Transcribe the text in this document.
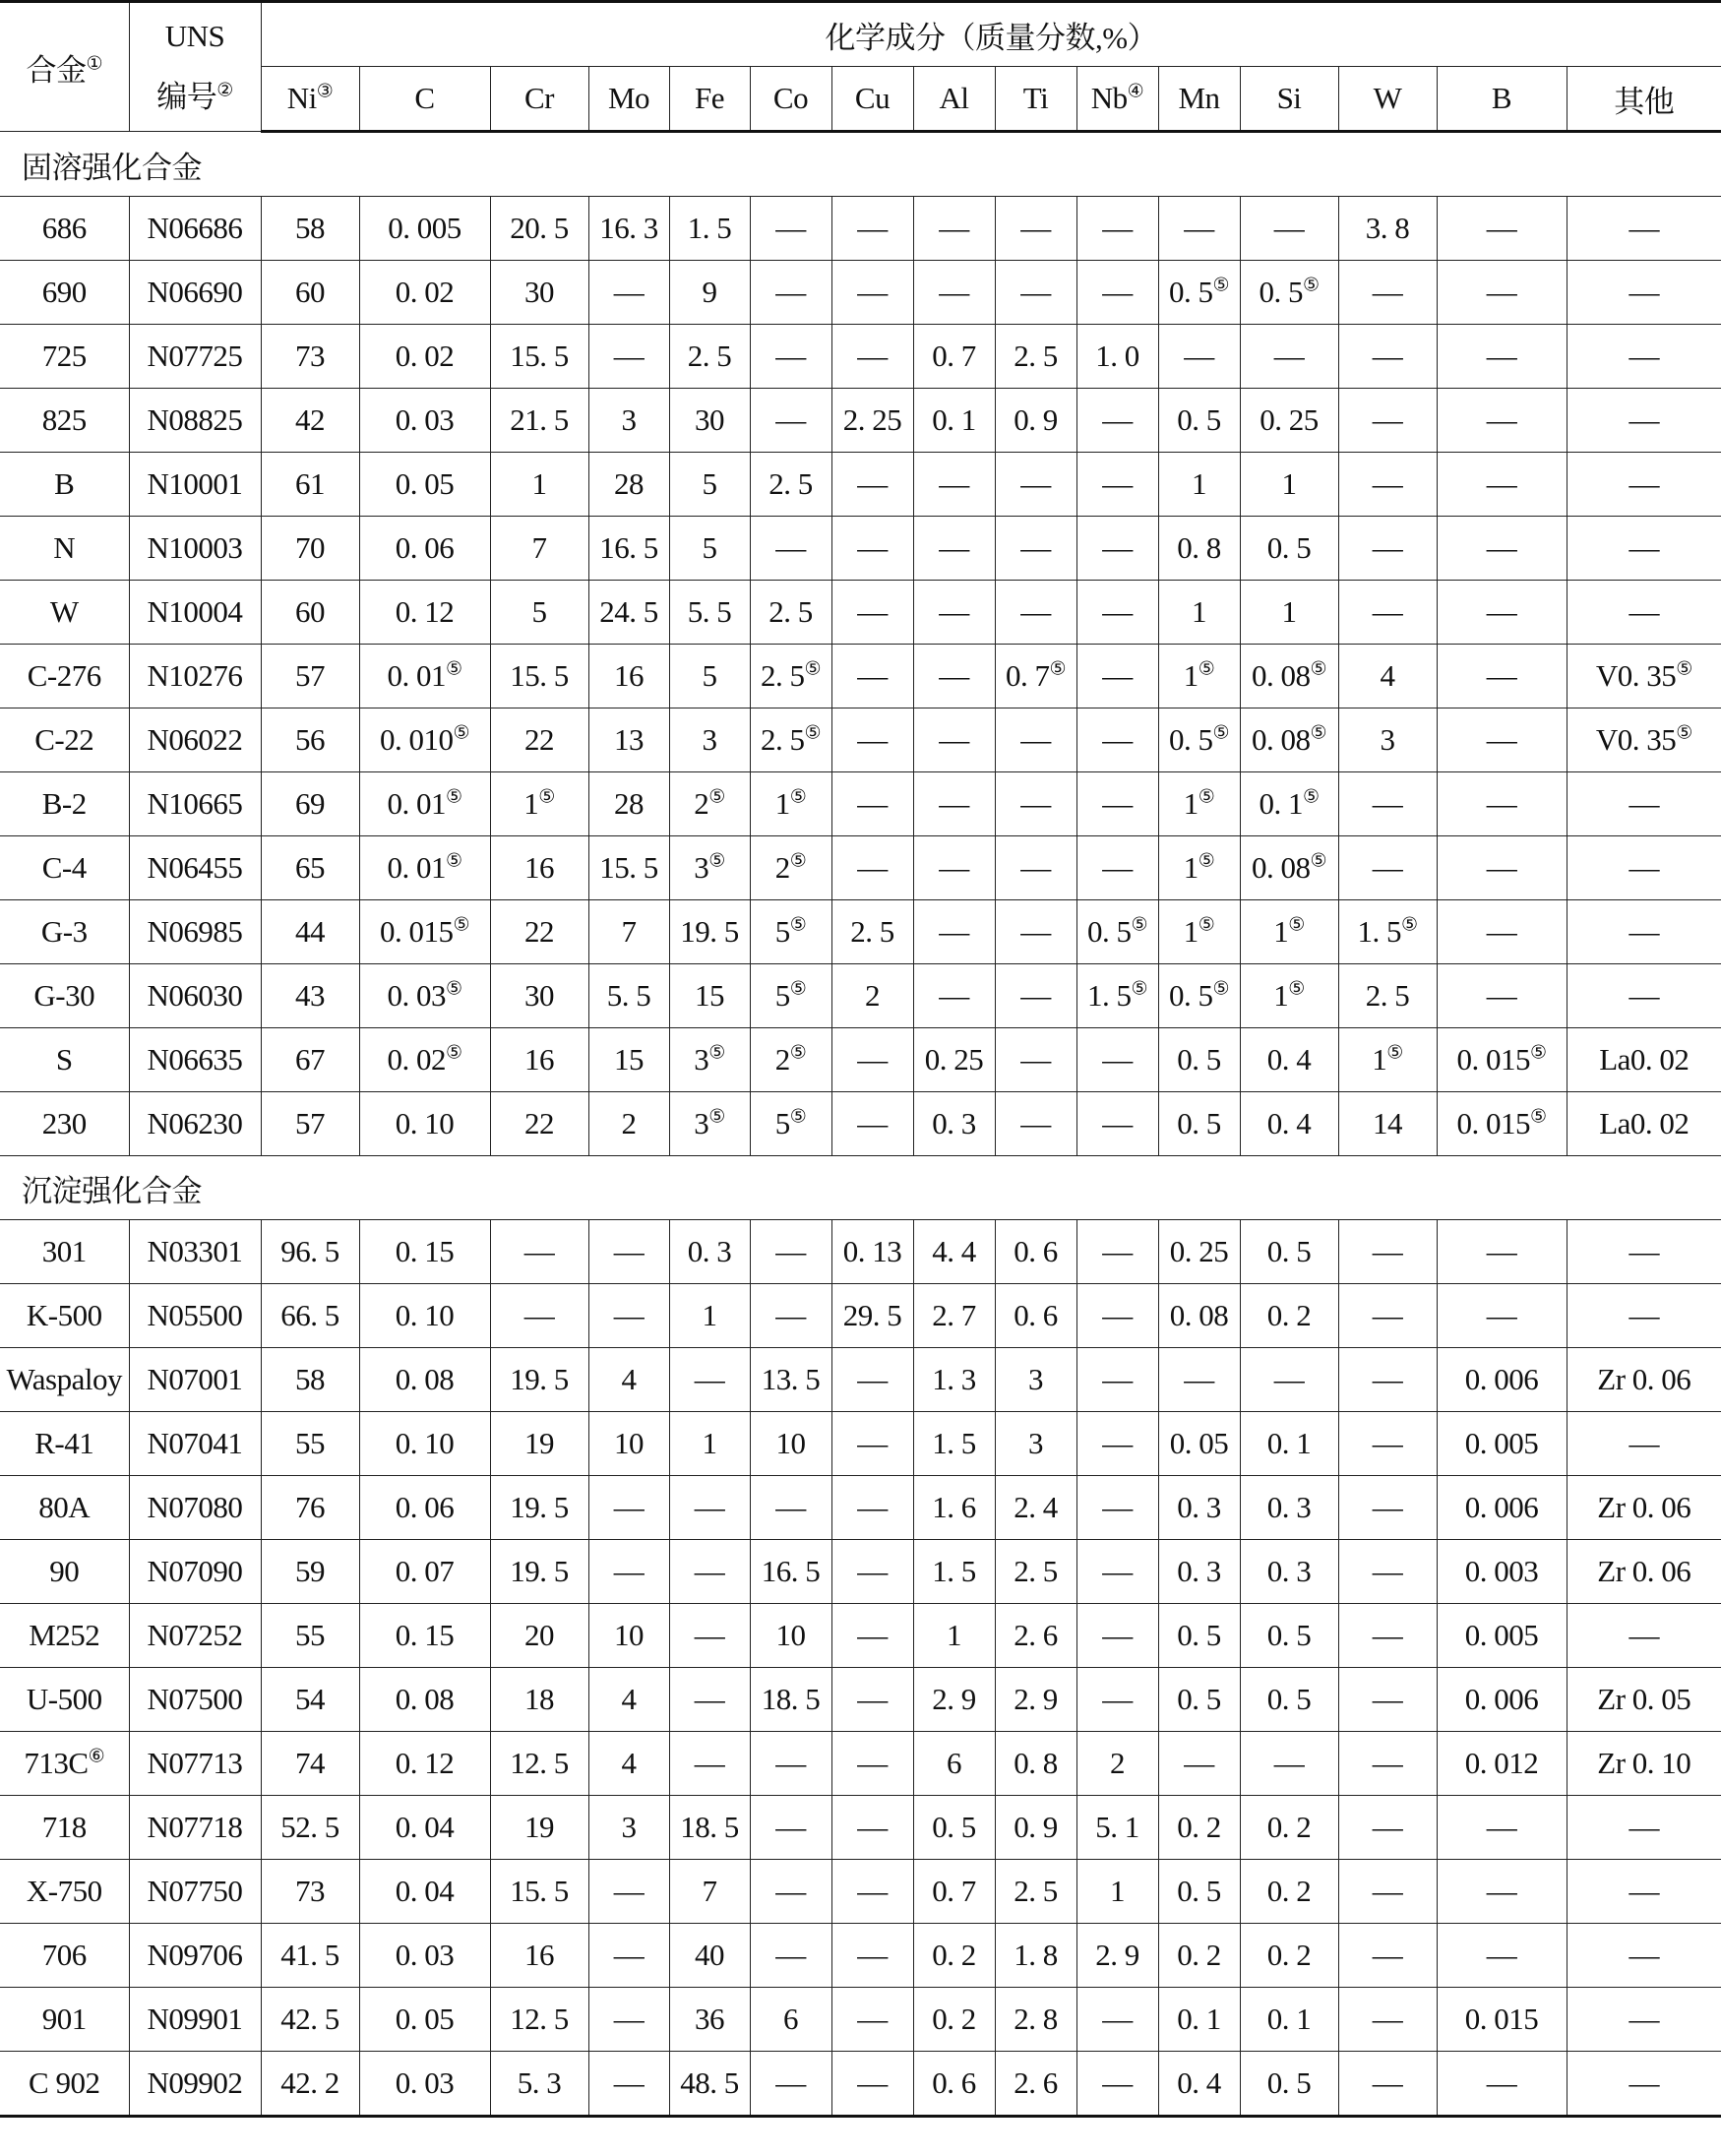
合金①	UNS
编号②	化学成分（质量分数,%）														
		Ni③	C	Cr	Mo	Fe	Co	Cu	Al	Ti	Nb④	Mn	Si	W	B	其他
固溶强化合金																
686	N06686	58	0. 005	20. 5	16. 3	1. 5	—	—	—	—	—	—	—	3. 8	—	—
690	N06690	60	0. 02	30	—	9	—	—	—	—	—	0. 5⑤	0. 5⑤	—	—	—
725	N07725	73	0. 02	15. 5	—	2. 5	—	—	0. 7	2. 5	1. 0	—	—	—	—	—
825	N08825	42	0. 03	21. 5	3	30	—	2. 25	0. 1	0. 9	—	0. 5	0. 25	—	—	—
B	N10001	61	0. 05	1	28	5	2. 5	—	—	—	—	1	1	—	—	—
N	N10003	70	0. 06	7	16. 5	5	—	—	—	—	—	0. 8	0. 5	—	—	—
W	N10004	60	0. 12	5	24. 5	5. 5	2. 5	—	—	—	—	1	1	—	—	—
C-276	N10276	57	0. 01⑤	15. 5	16	5	2. 5⑤	—	—	0. 7⑤	—	1⑤	0. 08⑤	4	—	V0. 35⑤
C-22	N06022	56	0. 010⑤	22	13	3	2. 5⑤	—	—	—	—	0. 5⑤	0. 08⑤	3	—	V0. 35⑤
B-2	N10665	69	0. 01⑤	1⑤	28	2⑤	1⑤	—	—	—	—	1⑤	0. 1⑤	—	—	—
C-4	N06455	65	0. 01⑤	16	15. 5	3⑤	2⑤	—	—	—	—	1⑤	0. 08⑤	—	—	—
G-3	N06985	44	0. 015⑤	22	7	19. 5	5⑤	2. 5	—	—	0. 5⑤	1⑤	1⑤	1. 5⑤	—	—
G-30	N06030	43	0. 03⑤	30	5. 5	15	5⑤	2	—	—	1. 5⑤	0. 5⑤	1⑤	2. 5	—	—
S	N06635	67	0. 02⑤	16	15	3⑤	2⑤	—	0. 25	—	—	0. 5	0. 4	1⑤	0. 015⑤	La0. 02
230	N06230	57	0. 10	22	2	3⑤	5⑤	—	0. 3	—	—	0. 5	0. 4	14	0. 015⑤	La0. 02
沉淀强化合金																
301	N03301	96. 5	0. 15	—	—	0. 3	—	0. 13	4. 4	0. 6	—	0. 25	0. 5	—	—	—
K-500	N05500	66. 5	0. 10	—	—	1	—	29. 5	2. 7	0. 6	—	0. 08	0. 2	—	—	—
Waspaloy	N07001	58	0. 08	19. 5	4	—	13. 5	—	1. 3	3	—	—	—	—	0. 006	Zr 0. 06
R-41	N07041	55	0. 10	19	10	1	10	—	1. 5	3	—	0. 05	0. 1	—	0. 005	—
80A	N07080	76	0. 06	19. 5	—	—	—	—	1. 6	2. 4	—	0. 3	0. 3	—	0. 006	Zr 0. 06
90	N07090	59	0. 07	19. 5	—	—	16. 5	—	1. 5	2. 5	—	0. 3	0. 3	—	0. 003	Zr 0. 06
M252	N07252	55	0. 15	20	10	—	10	—	1	2. 6	—	0. 5	0. 5	—	0. 005	—
U-500	N07500	54	0. 08	18	4	—	18. 5	—	2. 9	2. 9	—	0. 5	0. 5	—	0. 006	Zr 0. 05
713C⑥	N07713	74	0. 12	12. 5	4	—	—	—	6	0. 8	2	—	—	—	0. 012	Zr 0. 10
718	N07718	52. 5	0. 04	19	3	18. 5	—	—	0. 5	0. 9	5. 1	0. 2	0. 2	—	—	—
X-750	N07750	73	0. 04	15. 5	—	7	—	—	0. 7	2. 5	1	0. 5	0. 2	—	—	—
706	N09706	41. 5	0. 03	16	—	40	—	—	0. 2	1. 8	2. 9	0. 2	0. 2	—	—	—
901	N09901	42. 5	0. 05	12. 5	—	36	6	—	0. 2	2. 8	—	0. 1	0. 1	—	0. 015	—
C 902	N09902	42. 2	0. 03	5. 3	—	48. 5	—	—	0. 6	2. 6	—	0. 4	0. 5	—	—	—
